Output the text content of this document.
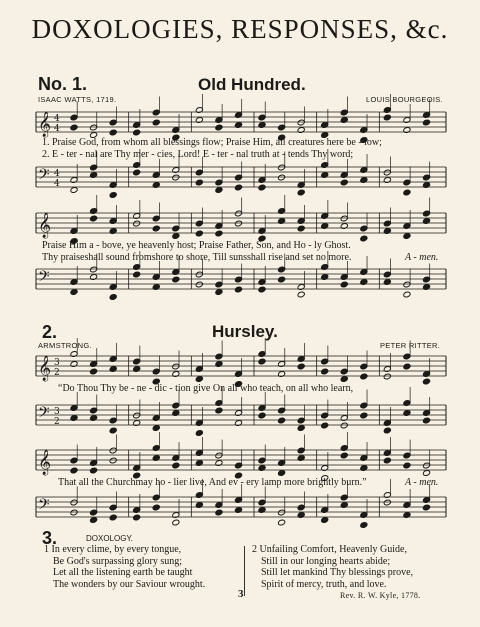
DOXOLOGIES, RESPONSES, &c.
No. 1.	Old Hundred.
ISAAC WATTS, 1719.	LOUIS BOURGEOIS.
𝄞 4
4
𝄢 4
4
𝄞
𝄢
𝄞 3
2
𝄢 3
2
𝄞
𝄢
1. Praise God, from whom all blessings flow; Praise Him, all creatures here be - low;
2. E - ter - nal are Thy mer - cies, Lord! E - ter - nal truth at - tends Thy word;
Praise Him a - bove, ye heavenly host; Praise Father, Son, and Ho - ly Ghost.
Thy praiseshall sound fromshore to shore, Till sunsshall rise and set no more.	A - men.
2.	Hursley.
ARMSTRONG.	PETER RITTER.
“Do Thou Thy be - ne - dic - tion give On all who teach, on all who learn,
That all the Churchmay ho - lier live, And ev - ery lamp more brightly burn.”	A - men.
3.	DOXOLOGY.
1 In every clime, by every tongue,
Be God's surpassing glory sung;
Let all the listening earth be taught
The wonders by our Saviour wrought.
2 Unfailing Comfort, Heavenly Guide,
Still in our longing hearts abide;
Still let mankind Thy blessings prove,
Spirit of mercy, truth, and love.
3	Rev. R. W. Kyle, 1778.
